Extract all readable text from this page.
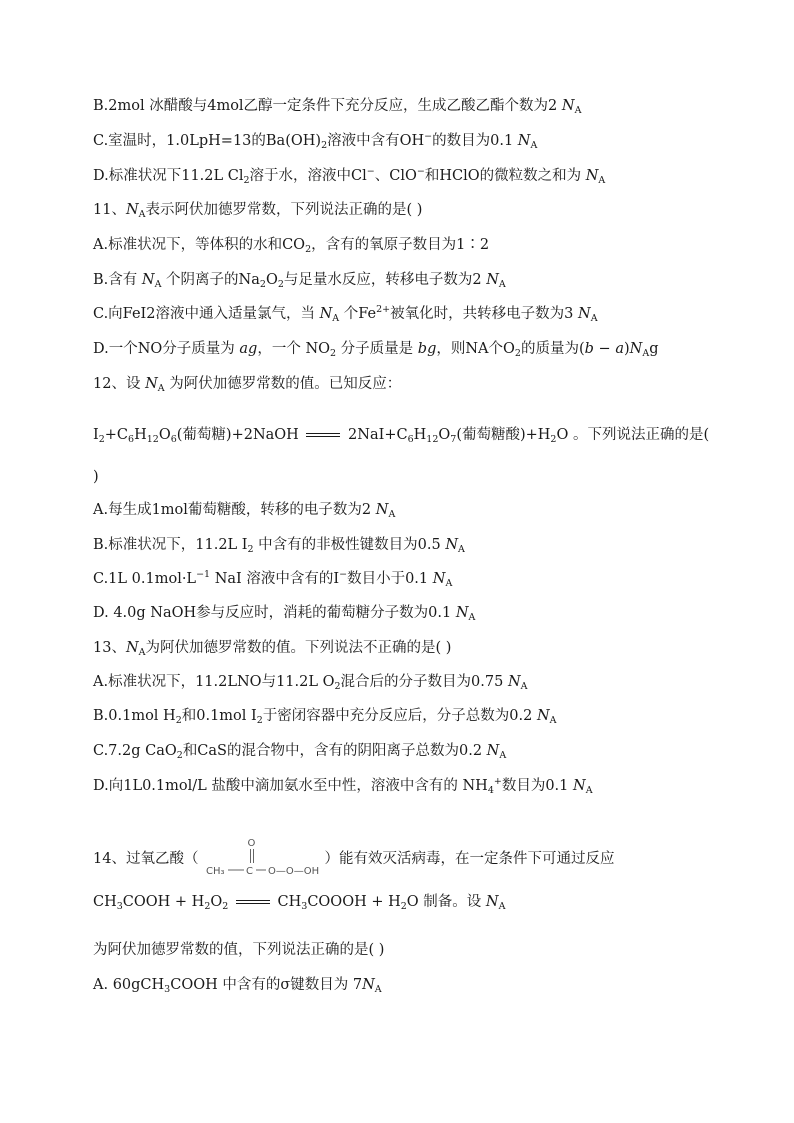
B.2mol 冰醋酸与4mol乙醇一定条件下充分反应，生成乙酸乙酯个数为2 $N_A$
C.室温时，1.0LpH=13的$Ba(OH)_2$溶液中含有OH−的数目为0.1 $N_A$
D.标准状况下11.2L $Cl_2$溶于水，溶液中Cl−、ClO−和HClO的微粒数之和为 $N_A$
11、$N_A$表示阿伏加德罗常数，下列说法正确的是( )
A.标准状况下，等体积的水和$CO_2$，含有的氧原子数目为1∶2
B.含有 $N_A$ 个阴离子的$Na_2O_2$与足量水反应，转移电子数为2 $N_A$
C.向FeI2溶液中通入适量氯气，当 $N_A$ 个$Fe^{2+}$被氧化时，共转移电子数为3 $N_A$
D.一个NO分子质量为 ag，一个 $NO_2$ 分子质量是 bg，则NA个$O_2$的质量为$(b - a)N_Ag$
12、设 $N_A$ 为阿伏加德罗常数的值。已知反应：
$I_2+C_6H_{12}O_6$(葡萄糖)+2NaOH	$2NaI+C_6H_{12}O_7$(葡萄糖酸)$+H_2O$ 。下列说法正确的是(
)
A.每生成1mol葡萄糖酸，转移的电子数为2 $N_A$
B.标准状况下，11.2L $I_2$ 中含有的非极性键数目为0.5 $N_A$
C.1L $0.1mol\cdot L^{-1}$ NaI 溶液中含有的I−数目小于0.1 $N_A$
D. 4.0g NaOH参与反应时，消耗的葡萄糖分子数为0.1 $N_A$
13、$N_A$为阿伏加德罗常数的值。下列说法不正确的是( )
A.标准状况下，11.2LNO与11.2L $O_2$混合后的分子数目为0.75 $N_A$
B.0.1mol $H_2$和0.1mol $I_2$于密闭容器中充分反应后，分子总数为0.2 $N_A$
C.7.2g CaO$_2$和CaS的混合物中，含有的阴阳离子总数为0.2 $N_A$
D.向1L0.1mol/L 盐酸中滴加氨水至中性，溶液中含有的 $NH_4^+$数目为0.1 $N_A$
14、过氧乙酸（
CH₃ C
O
O—O—OH
）能有效灭活病毒，在一定条件下可通过反应
$CH_3COOH + H_2O_2$	$CH_3COOOH + H_2O$ 制备。设 $N_A$
为阿伏加德罗常数的值，下列说法正确的是( )
A. 60gCH$_3$COOH 中含有的σ键数目为 $7N_A$
